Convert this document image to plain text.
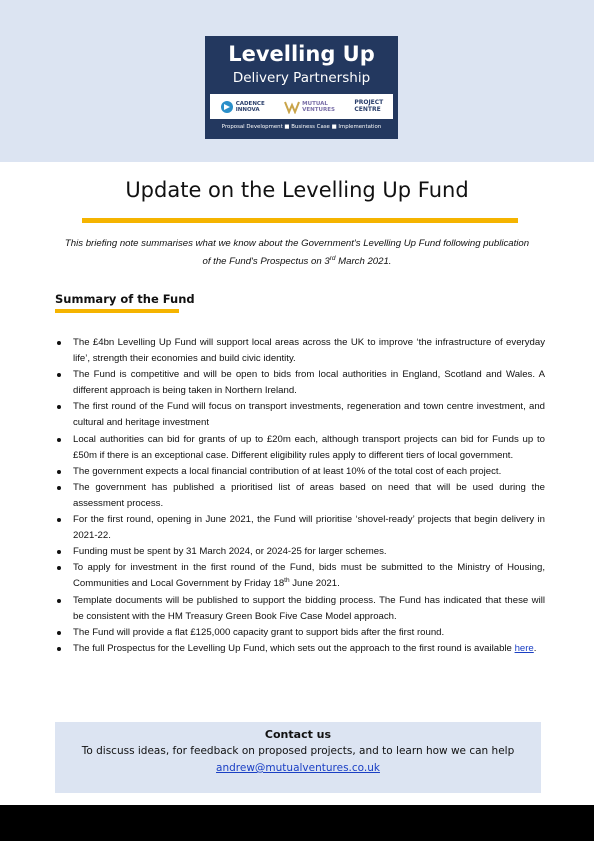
Levelling Up
Delivery Partnership
CADENCE
INNOVA
MUTUAL
VENTURES
PROJECT
CENTRE
Proposal Development ■ Business Case ■ Implementation
Update on the Levelling Up Fund
This briefing note summarises what we know about the Government's Levelling Up Fund following publication of the Fund's Prospectus on 3rd March 2021.
Summary of the Fund
The £4bn Levelling Up Fund will support local areas across the UK to improve ‘the infrastructure of everyday life’, strength their economies and build civic identity.
The Fund is competitive and will be open to bids from local authorities in England, Scotland and Wales. A different approach is being taken in Northern Ireland.
The first round of the Fund will focus on transport investments, regeneration and town centre investment, and cultural and heritage investment
Local authorities can bid for grants of up to £20m each, although transport projects can bid for Funds up to £50m if there is an exceptional case. Different eligibility rules apply to different tiers of local government.
The government expects a local financial contribution of at least 10% of the total cost of each project.
The government has published a prioritised list of areas based on need that will be used during the assessment process.
For the first round, opening in June 2021, the Fund will prioritise ‘shovel-ready’ projects that begin delivery in 2021-22.
Funding must be spent by 31 March 2024, or 2024-25 for larger schemes.
To apply for investment in the first round of the Fund, bids must be submitted to the Ministry of Housing, Communities and Local Government by Friday 18th June 2021.
Template documents will be published to support the bidding process. The Fund has indicated that these will be consistent with the HM Treasury Green Book Five Case Model approach.
The Fund will provide a flat £125,000 capacity grant to support bids after the first round.
The full Prospectus for the Levelling Up Fund, which sets out the approach to the first round is available here.
Contact us
To discuss ideas, for feedback on proposed projects, and to learn how we can help
andrew@mutualventures.co.uk
